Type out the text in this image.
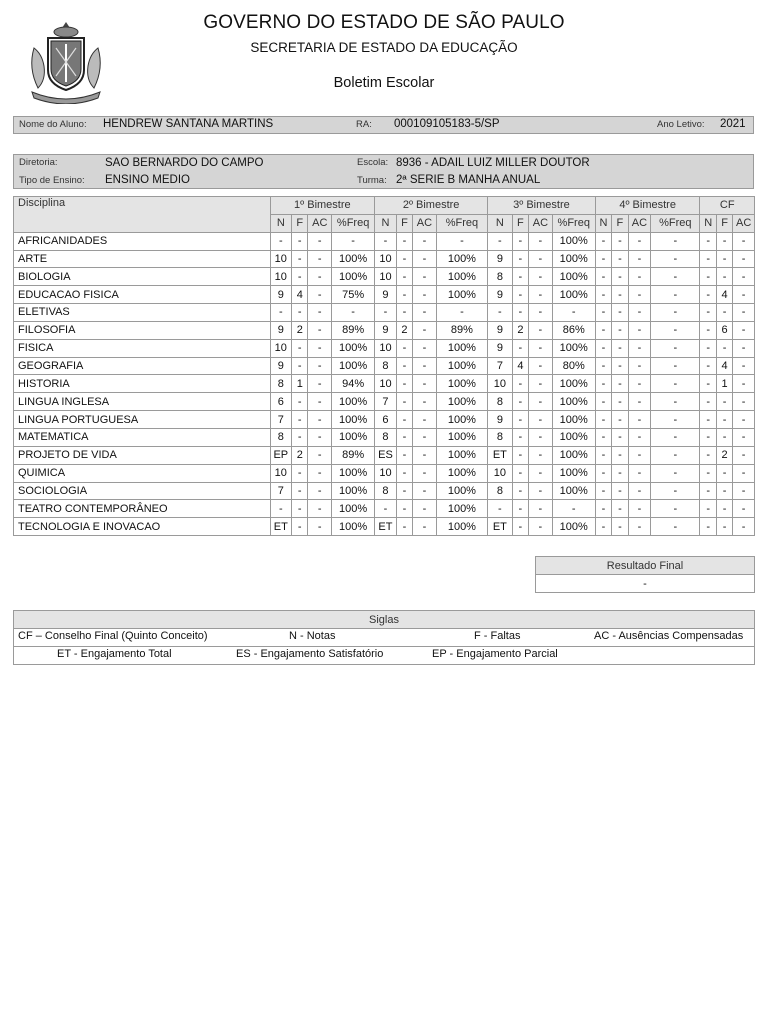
GOVERNO DO ESTADO DE SÃO PAULO
SECRETARIA DE ESTADO DA EDUCAÇÃO
Boletim Escolar
Nome do Aluno: HENDREW SANTANA MARTINS	RA: 000109105183-5/SP	Ano Letivo: 2021
Diretoria:	SAO BERNARDO DO CAMPO	Escola: 8936 - ADAIL LUIZ MILLER DOUTOR
Tipo de Ensino: ENSINO MEDIO	Turma: 2ª SERIE B MANHA ANUAL
Disciplina	1º Bimestre				2º Bimestre				3º Bimestre				4º Bimestre				CF		
	N	F	AC	%Freq	N	F	AC	%Freq	N	F	AC	%Freq	N	F	AC	%Freq	N	F	AC
AFRICANIDADES	-	-	-	-	-	-	-	-	-	-	-	100%	-	-	-	-	-	-	-
ARTE	10	-	-	100%	10	-	-	100%	9	-	-	100%	-	-	-	-	-	-	-
BIOLOGIA	10	-	-	100%	10	-	-	100%	8	-	-	100%	-	-	-	-	-	-	-
EDUCACAO FISICA	9	4	-	75%	9	-	-	100%	9	-	-	100%	-	-	-	-	-	4	-
ELETIVAS	-	-	-	-	-	-	-	-	-	-	-	-	-	-	-	-	-	-	-
FILOSOFIA	9	2	-	89%	9	2	-	89%	9	2	-	86%	-	-	-	-	-	6	-
FISICA	10	-	-	100%	10	-	-	100%	9	-	-	100%	-	-	-	-	-	-	-
GEOGRAFIA	9	-	-	100%	8	-	-	100%	7	4	-	80%	-	-	-	-	-	4	-
HISTORIA	8	1	-	94%	10	-	-	100%	10	-	-	100%	-	-	-	-	-	1	-
LINGUA INGLESA	6	-	-	100%	7	-	-	100%	8	-	-	100%	-	-	-	-	-	-	-
LINGUA PORTUGUESA	7	-	-	100%	6	-	-	100%	9	-	-	100%	-	-	-	-	-	-	-
MATEMATICA	8	-	-	100%	8	-	-	100%	8	-	-	100%	-	-	-	-	-	-	-
PROJETO DE VIDA	EP	2	-	89%	ES	-	-	100%	ET	-	-	100%	-	-	-	-	-	2	-
QUIMICA	10	-	-	100%	10	-	-	100%	10	-	-	100%	-	-	-	-	-	-	-
SOCIOLOGIA	7	-	-	100%	8	-	-	100%	8	-	-	100%	-	-	-	-	-	-	-
TEATRO CONTEMPORÂNEO	-	-	-	100%	-	-	-	100%	-	-	-	-	-	-	-	-	-	-	-
TECNOLOGIA E INOVACAO	ET	-	-	100%	ET	-	-	100%	ET	-	-	100%	-	-	-	-	-	-	-
Resultado Final
-
Siglas

CF – Conselho Final (Quinto Conceito)	N - Notas	F - Faltas	AC - Ausências Compensadas

ET - Engajamento Total	ES - Engajamento Satisfatório	EP - Engajamento Parcial
